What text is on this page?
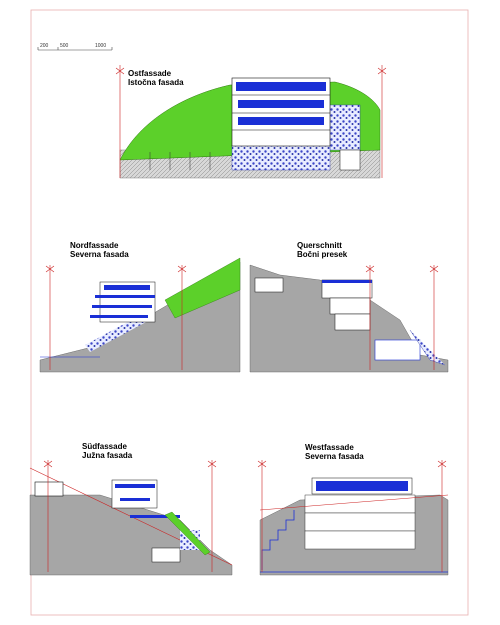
200 500	1000
Ostfassade
Istočna fasada
Nordfassade
Severna fasada
Querschnitt
Bočni presek
Südfassade
Južna fasada
Westfassade
Severna fasada
